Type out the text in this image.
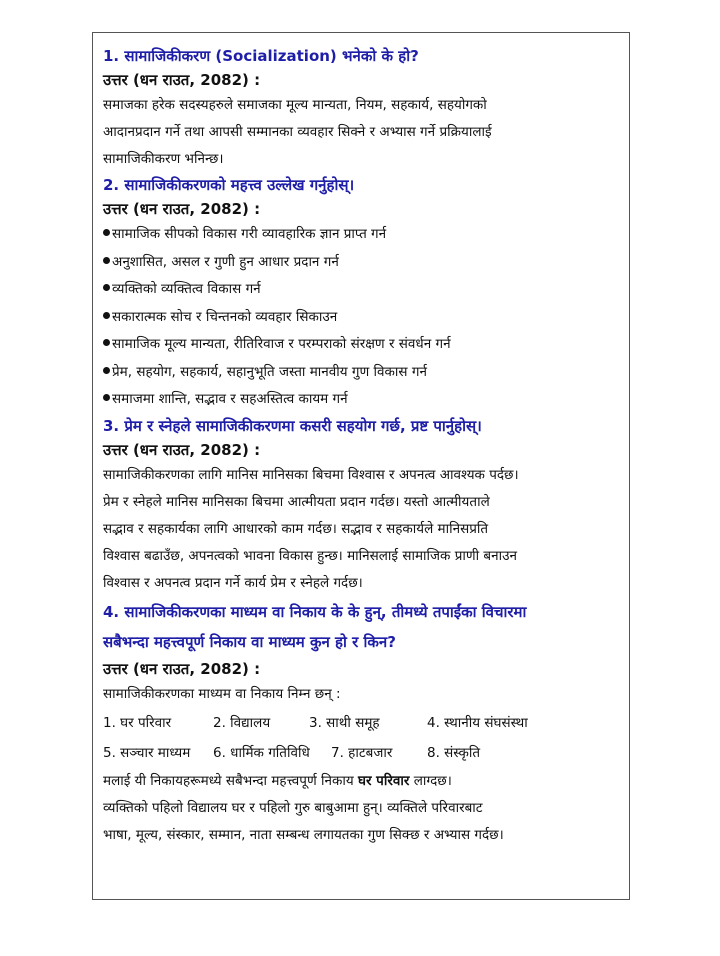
1. सामाजिकीकरण (Socialization) भनेको के हो?

उत्तर (धन राउत, 2082) :

समाजका हरेक सदस्यहरुले समाजका मूल्य मान्यता, नियम, सहकार्य, सहयोगको

आदानप्रदान गर्ने तथा आपसी सम्मानका व्यवहार सिक्ने र अभ्यास गर्ने प्रक्रियालाई

सामाजिकीकरण भनिन्छ।

2. सामाजिकीकरणको महत्त्व उल्लेख गर्नुहोस्।

उत्तर (धन राउत, 2082) :

सामाजिक सीपको विकास गरी व्यावहारिक ज्ञान प्राप्त गर्न
अनुशासित, असल र गुणी हुन आधार प्रदान गर्न
व्यक्तिको व्यक्तित्व विकास गर्न
सकारात्मक सोच र चिन्तनको व्यवहार सिकाउन
सामाजिक मूल्य मान्यता, रीतिरिवाज र परम्पराको संरक्षण र संवर्धन गर्न
प्रेम, सहयोग, सहकार्य, सहानुभूति जस्ता मानवीय गुण विकास गर्न
समाजमा शान्ति, सद्भाव र सहअस्तित्व कायम गर्न

3. प्रेम र स्नेहले सामाजिकीकरणमा कसरी सहयोग गर्छ, प्रष्ट पार्नुहोस्।

उत्तर (धन राउत, 2082) :

सामाजिकीकरणका लागि मानिस मानिसका बिचमा विश्वास र अपनत्व आवश्यक पर्दछ।

प्रेम र स्नेहले मानिस मानिसका बिचमा आत्मीयता प्रदान गर्दछ। यस्तो आत्मीयताले

सद्भाव र सहकार्यका लागि आधारको काम गर्दछ। सद्भाव र सहकार्यले मानिसप्रति

विश्वास बढाउँछ, अपनत्वको भावना विकास हुन्छ। मानिसलाई सामाजिक प्राणी बनाउन

विश्वास र अपनत्व प्रदान गर्ने कार्य प्रेम र स्नेहले गर्दछ।

4. सामाजिकीकरणका माध्यम वा निकाय के के हुन्, तीमध्ये तपाईंका विचारमा

सबैभन्दा महत्त्वपूर्ण निकाय वा माध्यम कुन हो र किन?

उत्तर (धन राउत, 2082) :

सामाजिकीकरणका माध्यम वा निकाय निम्न छन् :

1. घर परिवार	2. विद्यालय	3. साथी समूह	4. स्थानीय संघसंस्था
5. सञ्चार माध्यम	6. धार्मिक गतिविधि	7. हाटबजार	8. संस्कृति

मलाई यी निकायहरूमध्ये सबैभन्दा महत्त्वपूर्ण निकाय घर परिवार लाग्दछ।

व्यक्तिको पहिलो विद्यालय घर र पहिलो गुरु बाबुआमा हुन्। व्यक्तिले परिवारबाट

भाषा, मूल्य, संस्कार, सम्मान, नाता सम्बन्ध लगायतका गुण सिक्छ र अभ्यास गर्दछ।
